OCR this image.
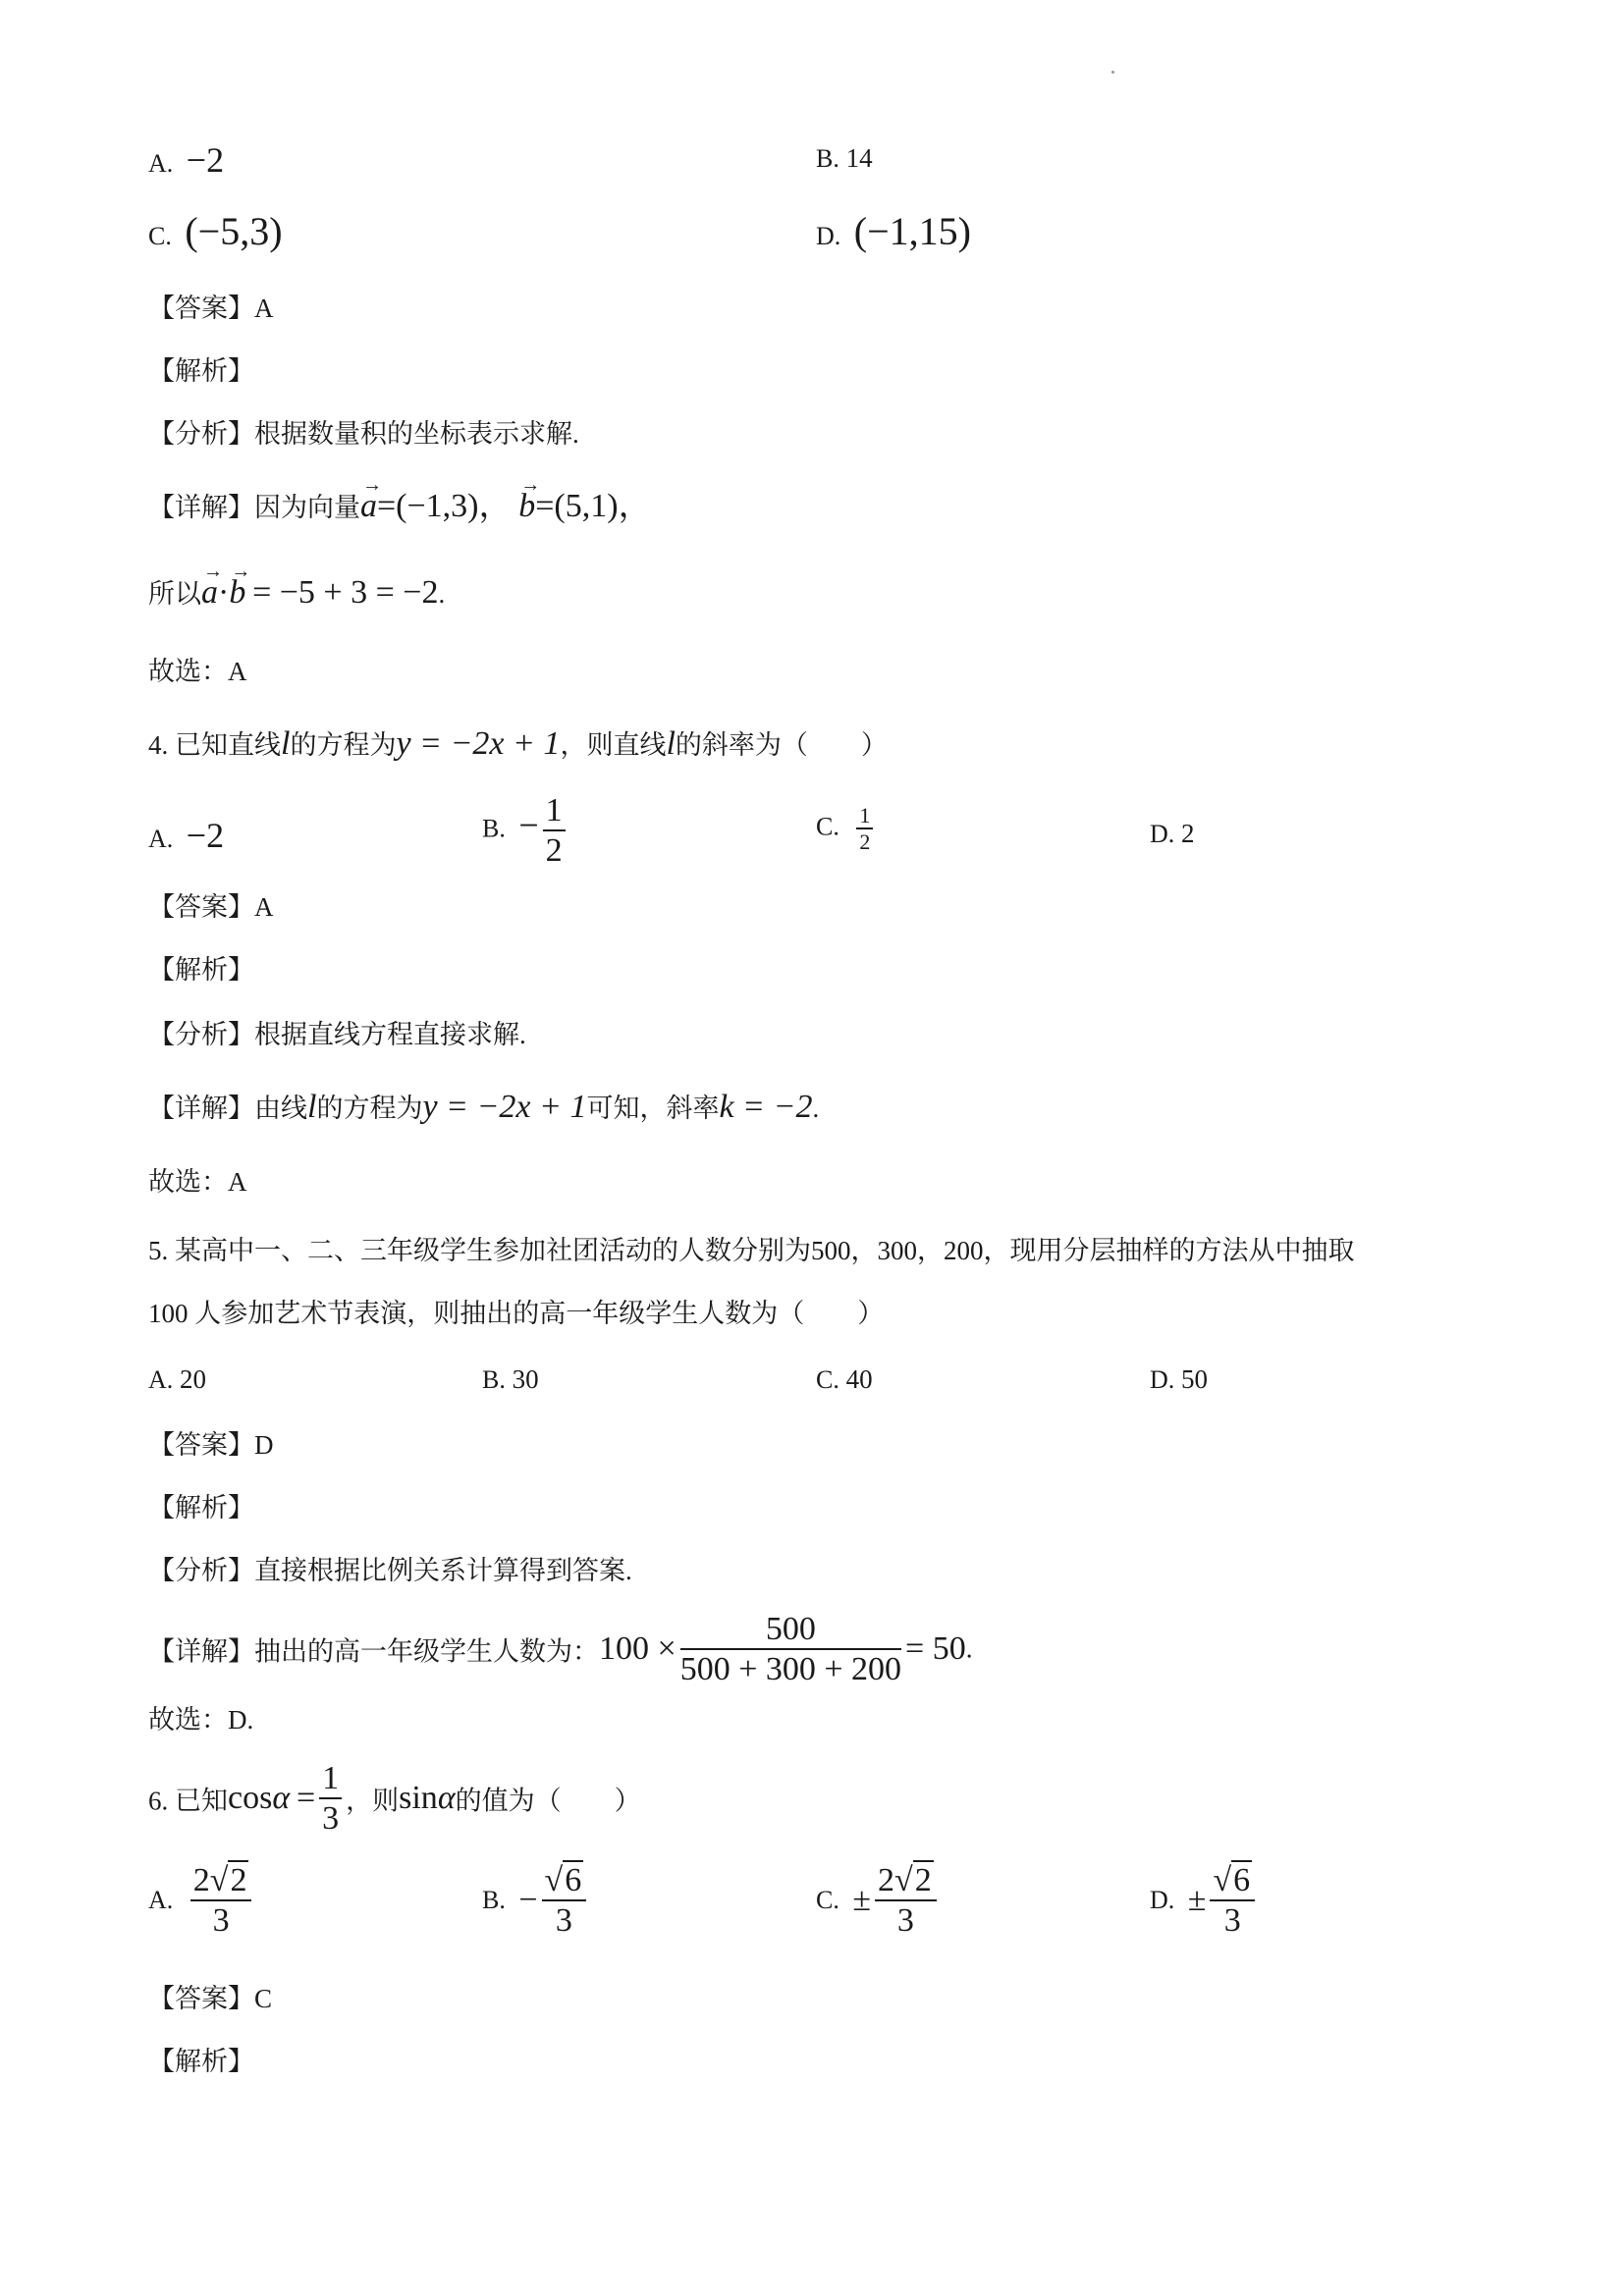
A. −2	B. 14
C. (−5,3)	D. (−1,15)
【答案】A
【解析】
【分析】根据数量积的坐标表示求解.
【详解】因为向量→ a=(−1,3)， → b=(5,1)，
所以→ a·→ b = −5 + 3 = −2.
故选：A
4. 已知直线l的方程为y = −2x + 1，则直线l的斜率为（　　）
A. −2	B. − $\frac{1}{2}$	C. $\frac{1}{2}$	D. 2
【答案】A
【解析】
【分析】根据直线方程直接求解.
【详解】由线l的方程为y = −2x + 1可知，斜率k = −2.
故选：A
5. 某高中一、二、三年级学生参加社团活动的人数分别为500，300，200，现用分层抽样的方法从中抽取
100 人参加艺术节表演，则抽出的高一年级学生人数为（　　）
A. 20	B. 30	C. 40	D. 50
【答案】D
【解析】
【分析】直接根据比例关系计算得到答案.
【详解】抽出的高一年级学生人数为：$100 \times \frac{500}{500 + 300 + 200} = 50$.
故选：D.
6. 已知$\cos\alpha = \frac{1}{3}$ ，则sinα的值为（　　）
A. $\frac{2√2}{3}$	B. − $\frac{√6}{3}$	C. ± $\frac{2√2}{3}$	D. ± $\frac{√6}{3}$
【答案】C
【解析】
